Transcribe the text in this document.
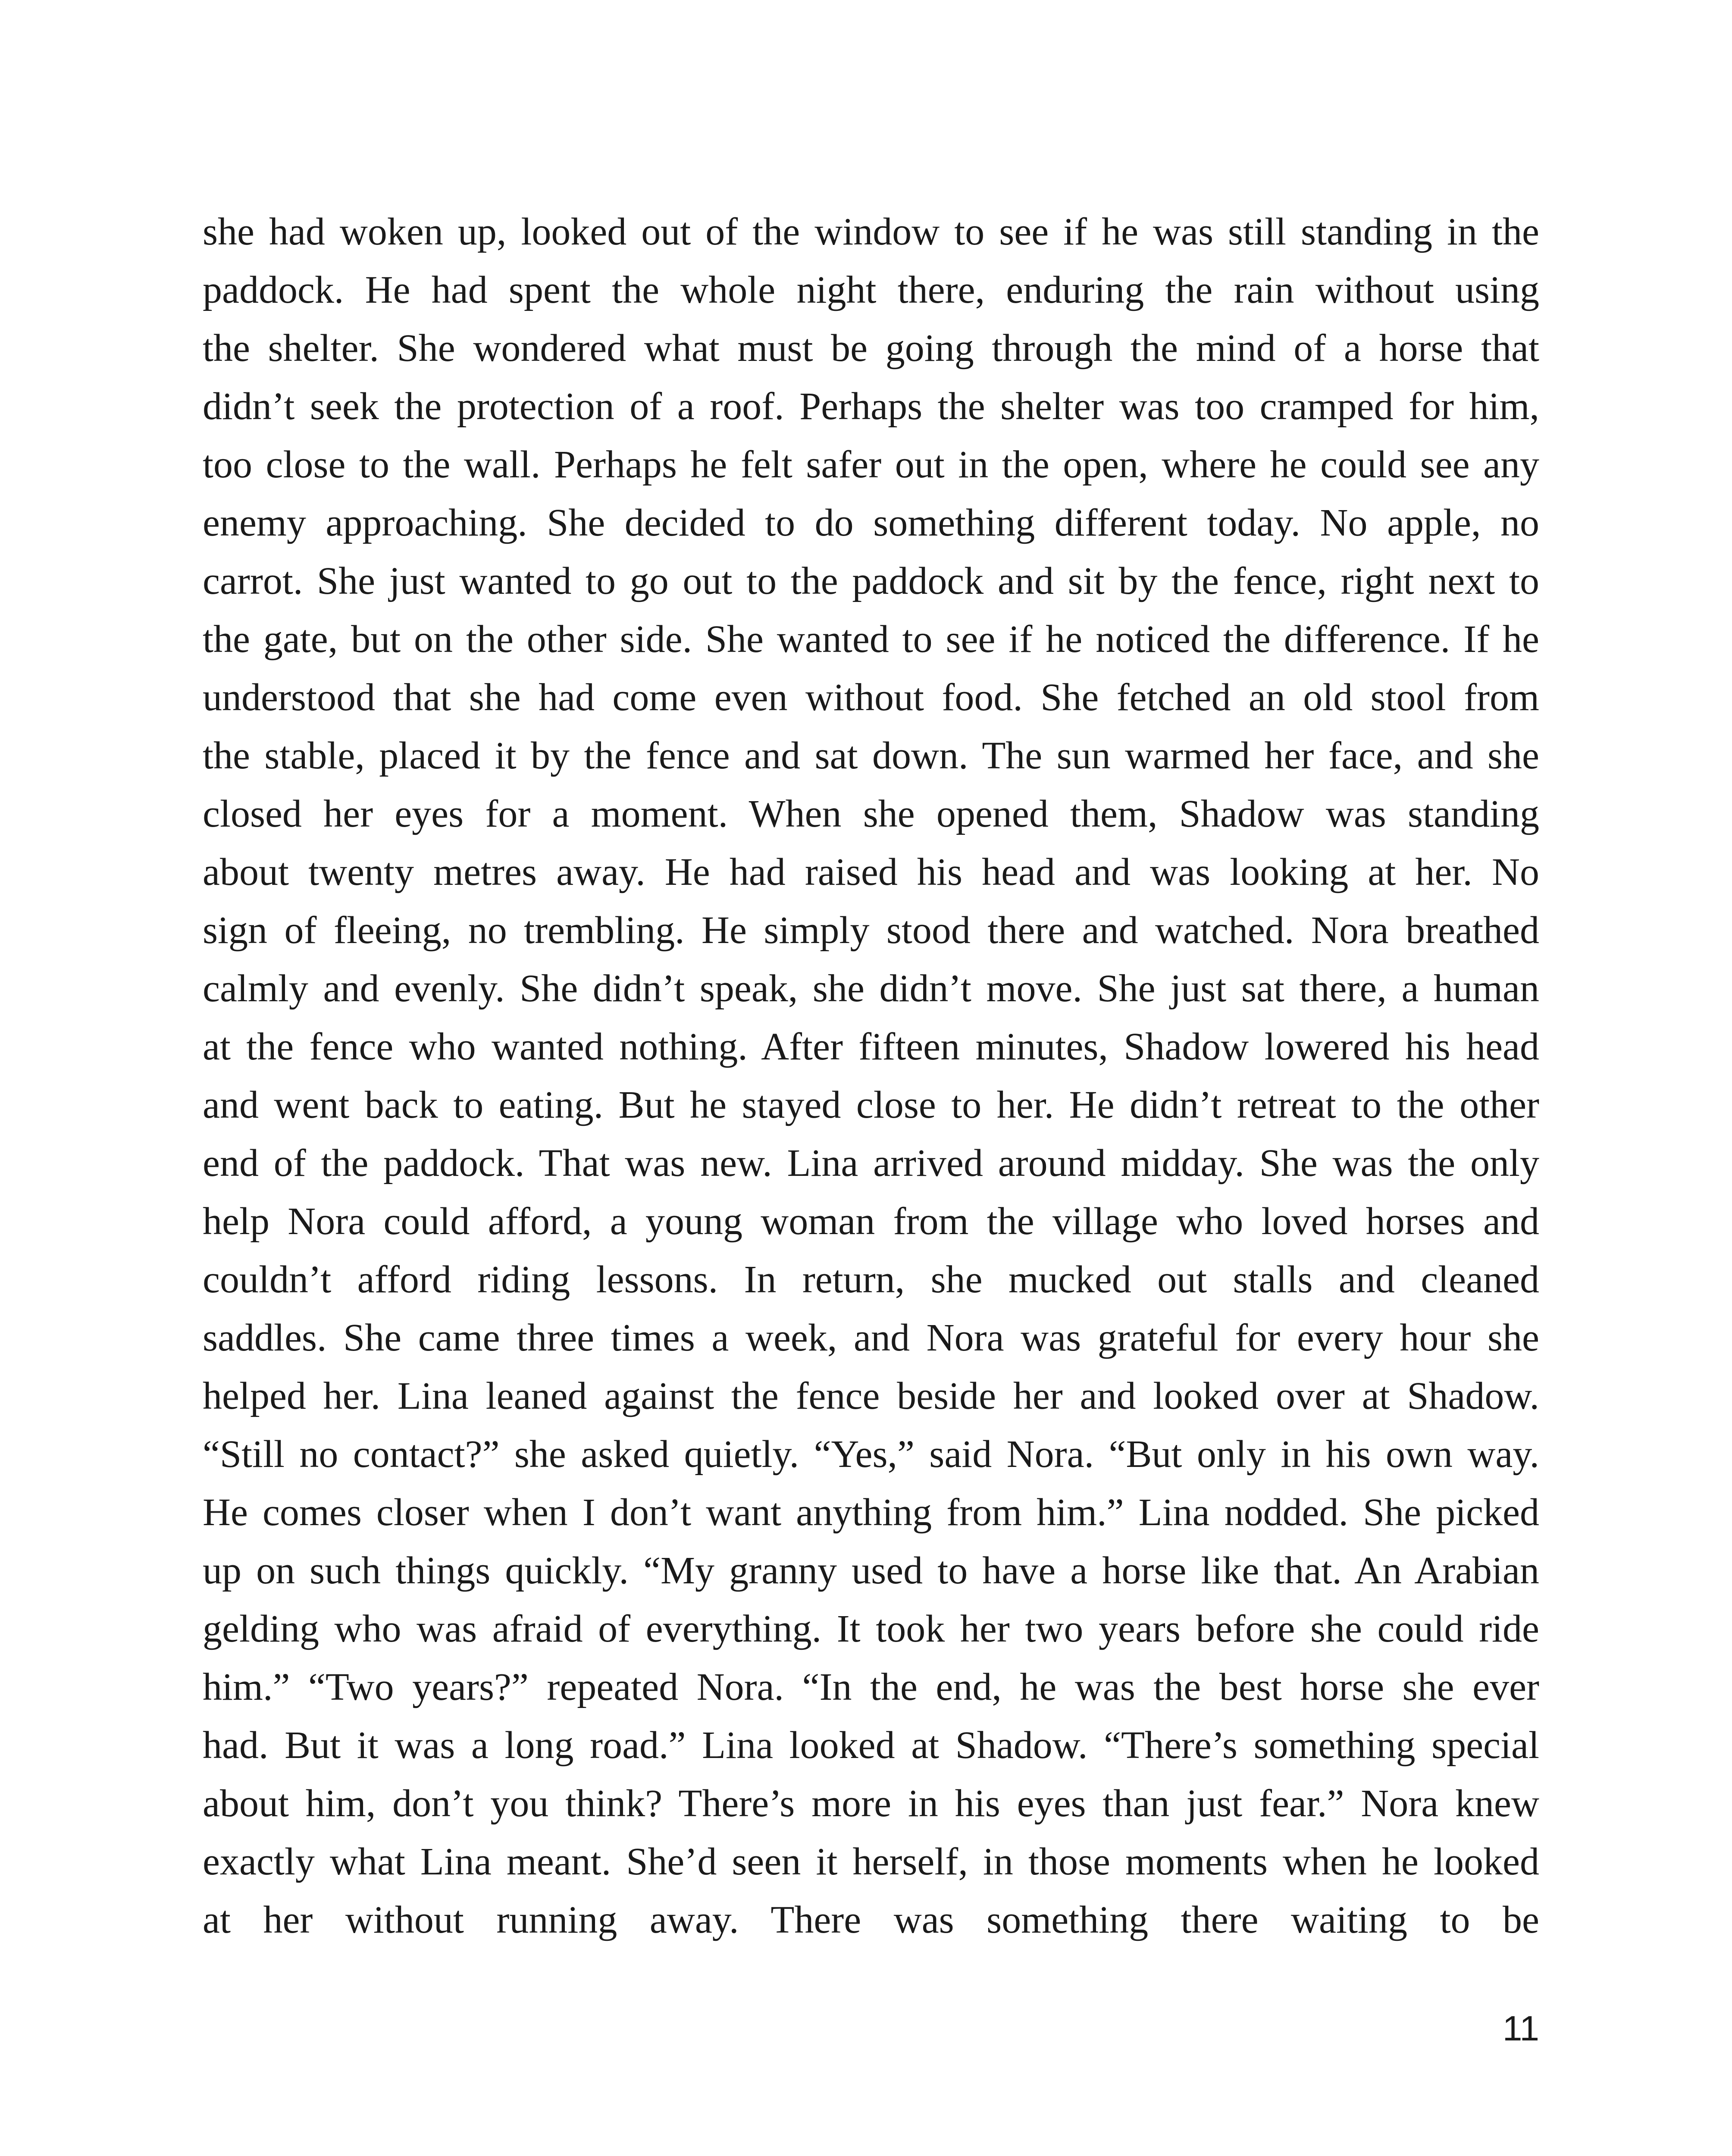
she had woken up, looked out of the window to see if he was still standing in the
paddock. He had spent the whole night there, enduring the rain without using
the shelter. She wondered what must be going through the mind of a horse that
didn’t seek the protection of a roof. Perhaps the shelter was too cramped for him,
too close to the wall. Perhaps he felt safer out in the open, where he could see any
enemy approaching. She decided to do something different today. No apple, no
carrot. She just wanted to go out to the paddock and sit by the fence, right next to
the gate, but on the other side. She wanted to see if he noticed the difference. If he
understood that she had come even without food. She fetched an old stool from
the stable, placed it by the fence and sat down. The sun warmed her face, and she
closed her eyes for a moment. When she opened them, Shadow was standing
about twenty metres away. He had raised his head and was looking at her. No
sign of fleeing, no trembling. He simply stood there and watched. Nora breathed
calmly and evenly. She didn’t speak, she didn’t move. She just sat there, a human
at the fence who wanted nothing. After fifteen minutes, Shadow lowered his head
and went back to eating. But he stayed close to her. He didn’t retreat to the other
end of the paddock. That was new. Lina arrived around midday. She was the only
help Nora could afford, a young woman from the village who loved horses and
couldn’t afford riding lessons. In return, she mucked out stalls and cleaned
saddles. She came three times a week, and Nora was grateful for every hour she
helped her. Lina leaned against the fence beside her and looked over at Shadow.
“Still no contact?” she asked quietly. “Yes,” said Nora. “But only in his own way.
He comes closer when I don’t want anything from him.” Lina nodded. She picked
up on such things quickly. “My granny used to have a horse like that. An Arabian
gelding who was afraid of everything. It took her two years before she could ride
him.” “Two years?” repeated Nora. “In the end, he was the best horse she ever
had. But it was a long road.” Lina looked at Shadow. “There’s something special
about him, don’t you think? There’s more in his eyes than just fear.” Nora knew
exactly what Lina meant. She’d seen it herself, in those moments when he looked
at her without running away. There was something there waiting to be
11
